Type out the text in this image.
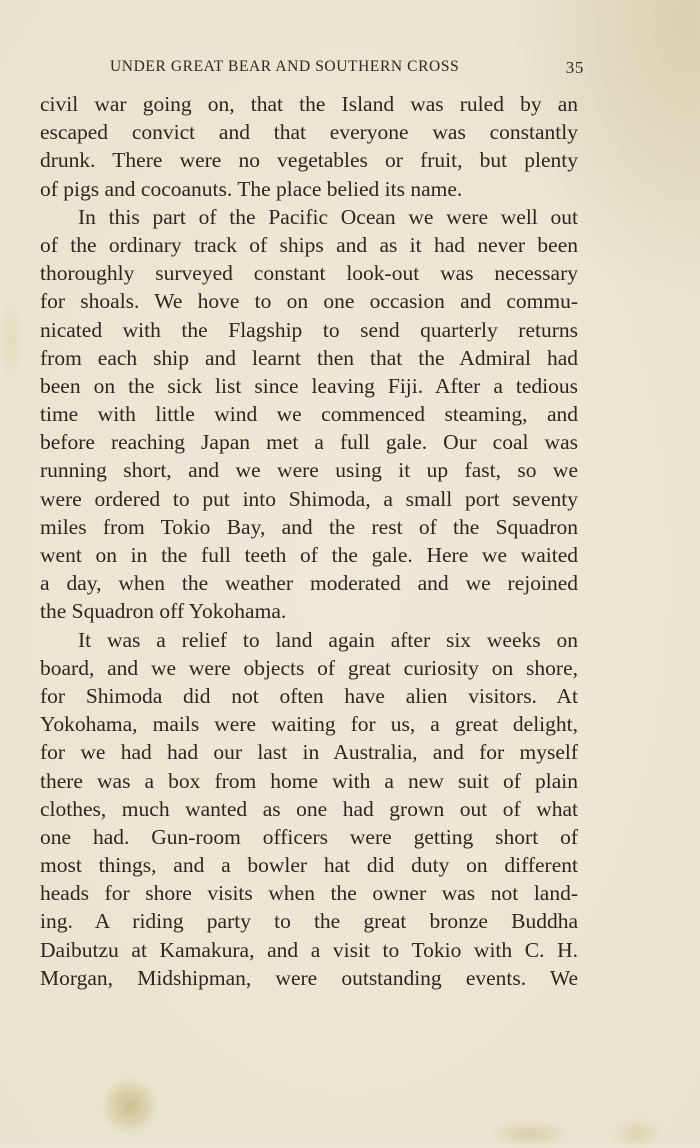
UNDER GREAT BEAR AND SOUTHERN CROSS	35
civil war going on, that the Island was ruled by an
escaped convict and that everyone was constantly
drunk. There were no vegetables or fruit, but plenty
of pigs and cocoanuts. The place belied its name.
In this part of the Pacific Ocean we were well out
of the ordinary track of ships and as it had never been
thoroughly surveyed constant look-out was necessary
for shoals. We hove to on one occasion and commu-
nicated with the Flagship to send quarterly returns
from each ship and learnt then that the Admiral had
been on the sick list since leaving Fiji. After a tedious
time with little wind we commenced steaming, and
before reaching Japan met a full gale. Our coal was
running short, and we were using it up fast, so we
were ordered to put into Shimoda, a small port seventy
miles from Tokio Bay, and the rest of the Squadron
went on in the full teeth of the gale. Here we waited
a day, when the weather moderated and we rejoined
the Squadron off Yokohama.
It was a relief to land again after six weeks on
board, and we were objects of great curiosity on shore,
for Shimoda did not often have alien visitors. At
Yokohama, mails were waiting for us, a great delight,
for we had had our last in Australia, and for myself
there was a box from home with a new suit of plain
clothes, much wanted as one had grown out of what
one had. Gun-room officers were getting short of
most things, and a bowler hat did duty on different
heads for shore visits when the owner was not land-
ing. A riding party to the great bronze Buddha
Daibutzu at Kamakura, and a visit to Tokio with C. H.
Morgan, Midshipman, were outstanding events. We
